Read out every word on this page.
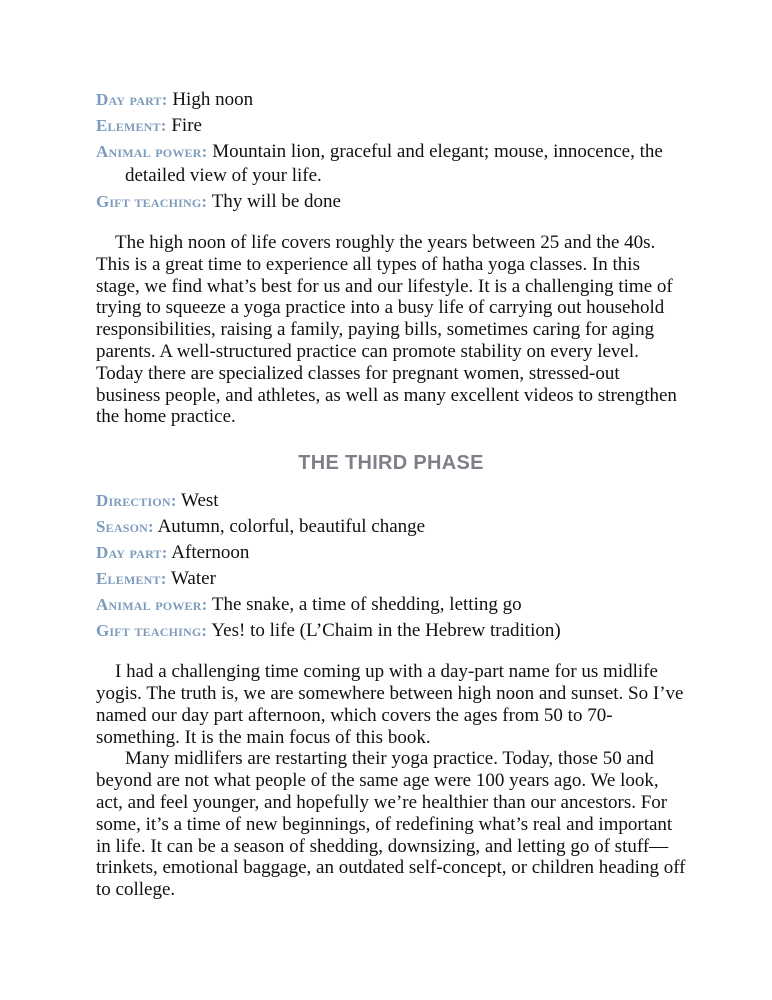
Day part: High noon

Element: Fire

Animal power: Mountain lion, graceful and elegant; mouse, innocence, the detailed view of your life.

Gift teaching: Thy will be done

The high noon of life covers roughly the years between 25 and the 40s. This is a great time to experience all types of hatha yoga classes. In this stage, we find what’s best for us and our lifestyle. It is a challenging time of trying to squeeze a yoga practice into a busy life of carrying out household responsibilities, raising a family, paying bills, sometimes caring for aging parents. A well-structured practice can promote stability on every level. Today there are specialized classes for pregnant women, stressed-out business people, and athletes, as well as many excellent videos to strengthen the home practice.

THE THIRD PHASE

Direction: West

Season: Autumn, colorful, beautiful change

Day part: Afternoon

Element: Water

Animal power: The snake, a time of shedding, letting go

Gift teaching: Yes! to life (L’Chaim in the Hebrew tradition)

I had a challenging time coming up with a day-part name for us midlife yogis. The truth is, we are somewhere between high noon and sunset. So I’ve named our day part afternoon, which covers the ages from 50 to 70-something. It is the main focus of this book.

Many midlifers are restarting their yoga practice. Today, those 50 and beyond are not what people of the same age were 100 years ago. We look, act, and feel younger, and hopefully we’re healthier than our ancestors. For some, it’s a time of new beginnings, of redefining what’s real and important in life. It can be a season of shedding, downsizing, and letting go of stuff—trinkets, emotional baggage, an outdated self-concept, or children heading off to college.
